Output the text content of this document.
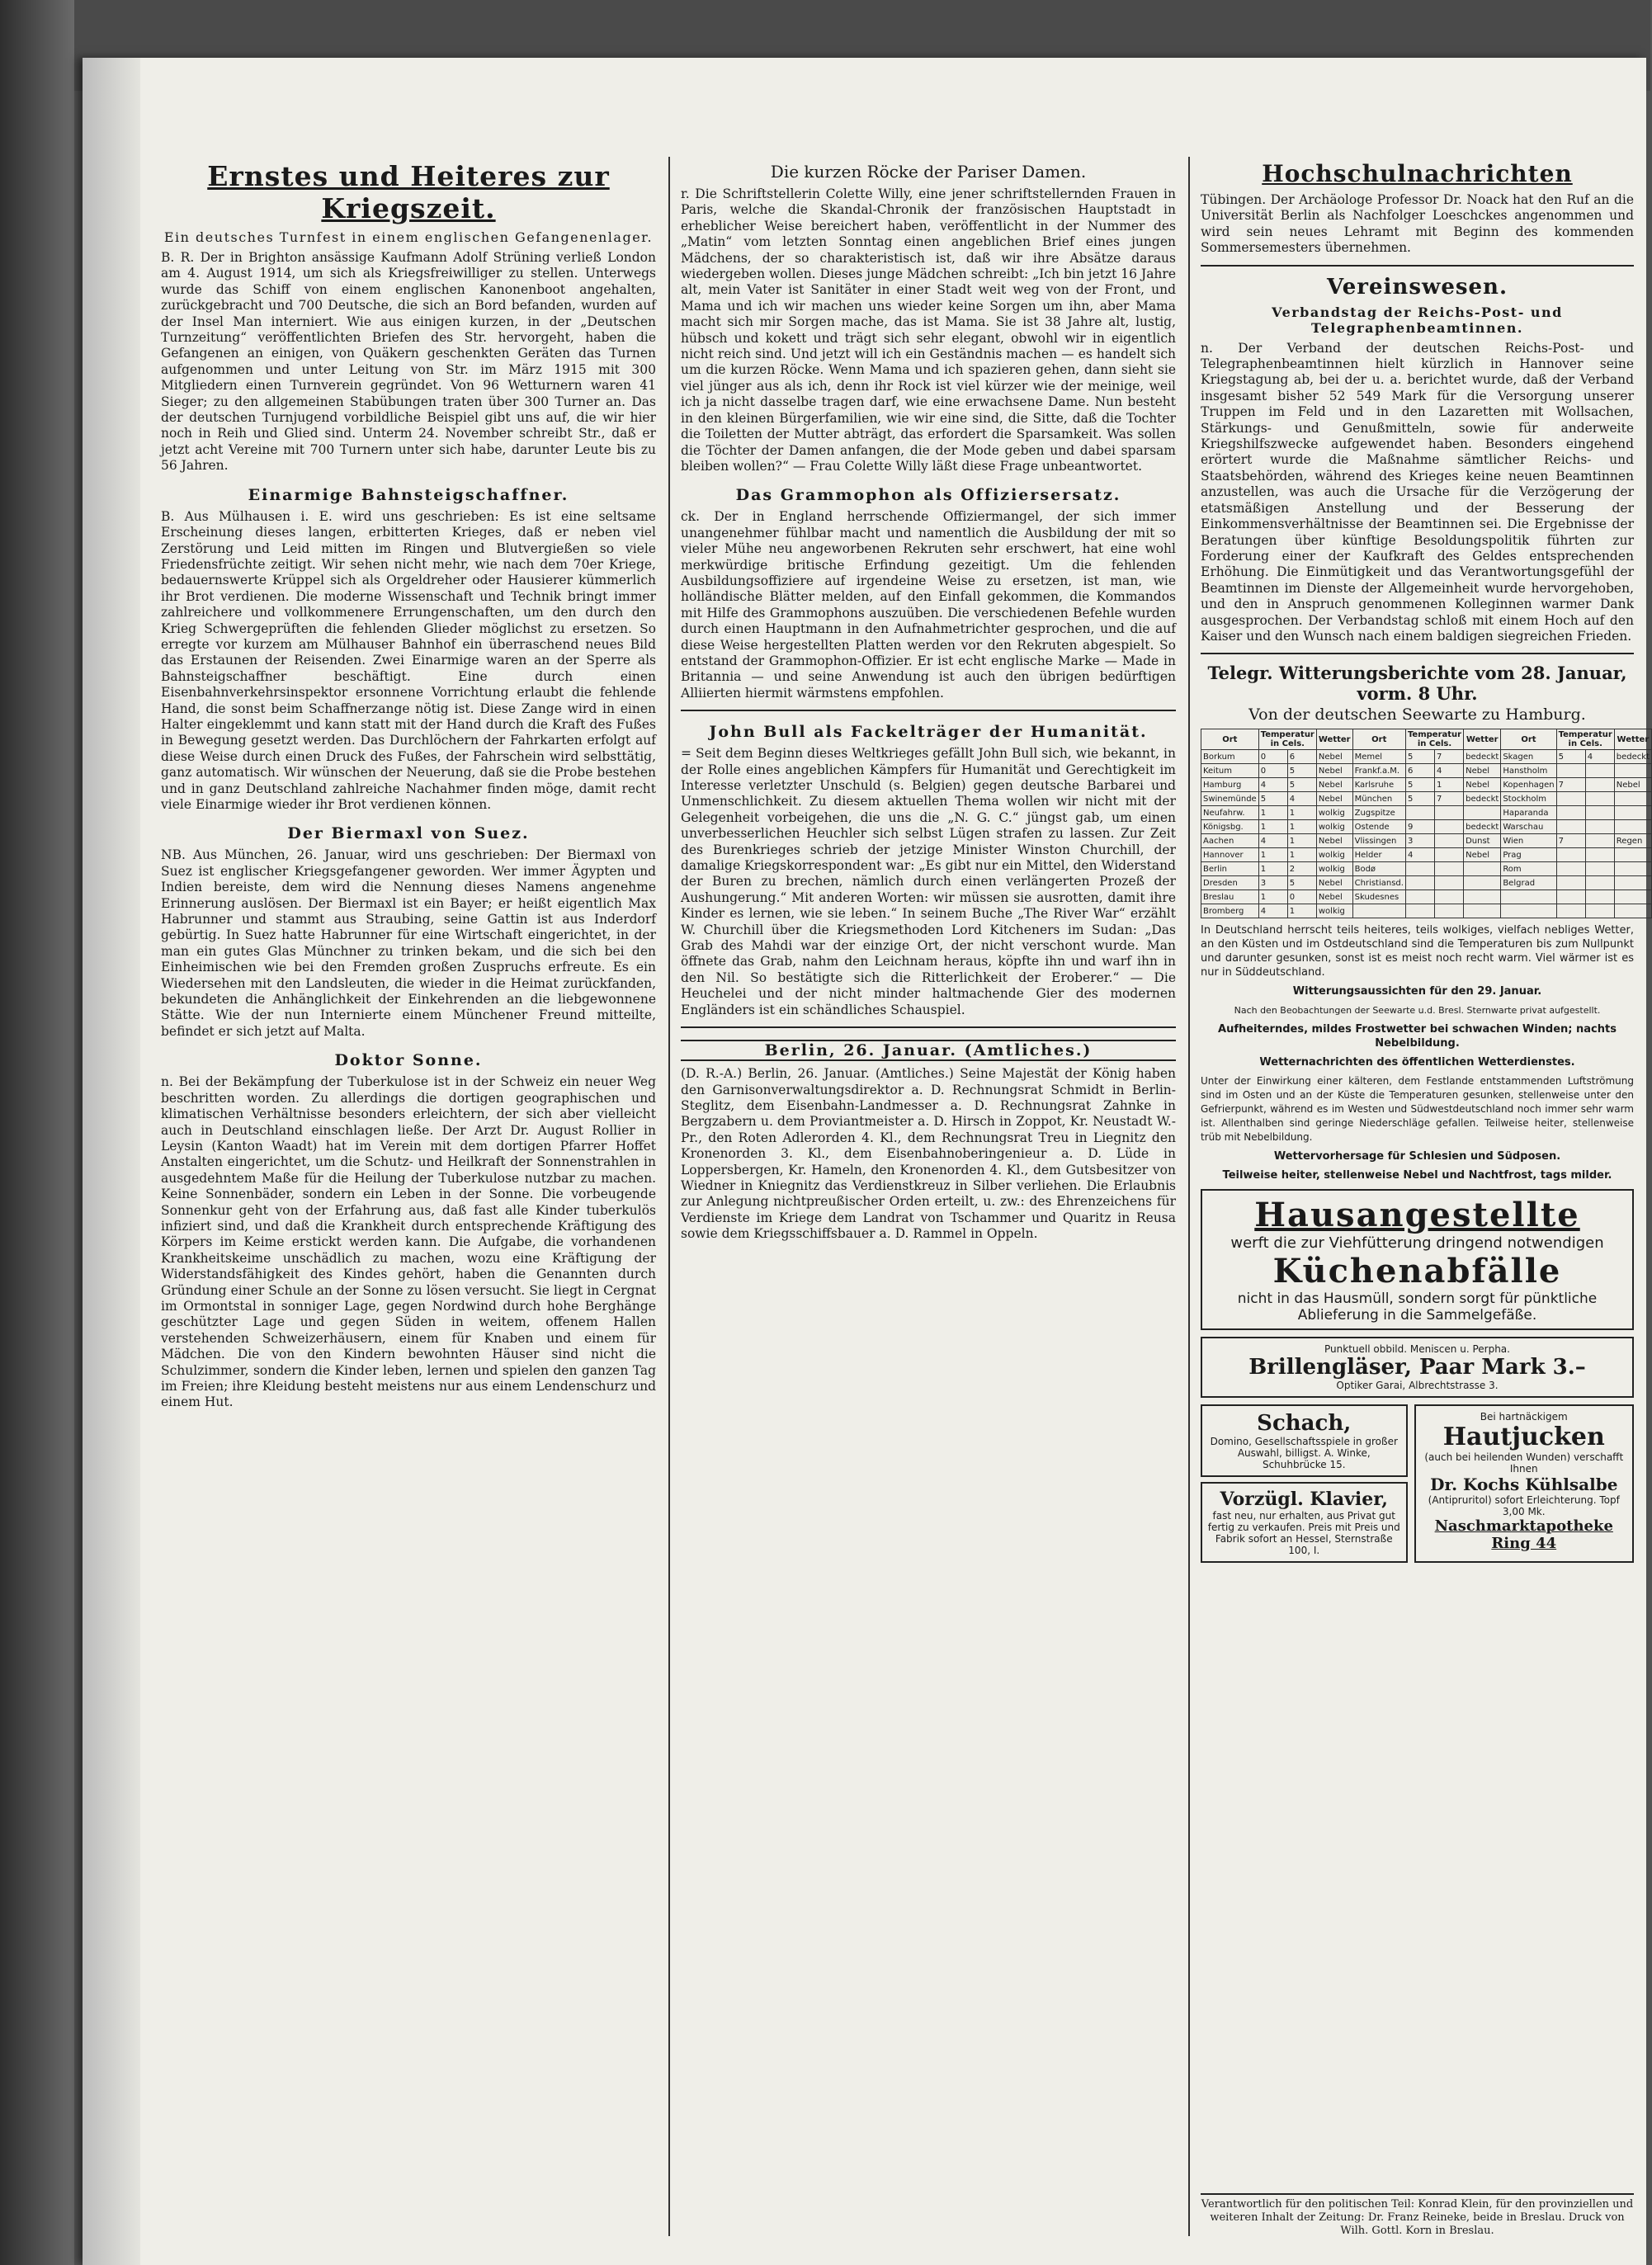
Ernstes und Heiteres zur Kriegszeit.
Ein deutsches Turnfest in einem englischen Gefangenenlager.

B. R. Der in Brighton ansässige Kaufmann Adolf Strüning verließ London am 4. August 1914, um sich als Kriegsfreiwilliger zu stellen. Unterwegs wurde das Schiff von einem englischen Kanonenboot angehalten, zurückgebracht und 700 Deutsche, die sich an Bord befanden, wurden auf der Insel Man interniert. Wie aus einigen kurzen, in der „Deutschen Turnzeitung“ veröffentlichten Briefen des Str. hervorgeht, haben die Gefangenen an einigen, von Quäkern geschenkten Geräten das Turnen aufgenommen und unter Leitung von Str. im März 1915 mit 300 Mitgliedern einen Turnverein gegründet. Von 96 Wetturnern waren 41 Sieger; zu den allgemeinen Stabübungen traten über 300 Turner an. Das der deutschen Turnjugend vorbildliche Beispiel gibt uns auf, die wir hier noch in Reih und Glied sind. Unterm 24. November schreibt Str., daß er jetzt acht Vereine mit 700 Turnern unter sich habe, darunter Leute bis zu 56 Jahren.

Einarmige Bahnsteigschaffner.

B. Aus Mülhausen i. E. wird uns geschrieben: Es ist eine seltsame Erscheinung dieses langen, erbitterten Krieges, daß er neben viel Zerstörung und Leid mitten im Ringen und Blutvergießen so viele Friedensfrüchte zeitigt. Wir sehen nicht mehr, wie nach dem 70er Kriege, bedauernswerte Krüppel sich als Orgeldreher oder Hausierer kümmerlich ihr Brot verdienen. Die moderne Wissenschaft und Technik bringt immer zahlreichere und vollkommenere Errungenschaften, um den durch den Krieg Schwergeprüften die fehlenden Glieder möglichst zu ersetzen. So erregte vor kurzem am Mülhauser Bahnhof ein überraschend neues Bild das Erstaunen der Reisenden. Zwei Einarmige waren an der Sperre als Bahnsteigschaffner beschäftigt. Eine durch einen Eisenbahnverkehrsinspektor ersonnene Vorrichtung erlaubt die fehlende Hand, die sonst beim Schaffnerzange nötig ist. Diese Zange wird in einen Halter eingeklemmt und kann statt mit der Hand durch die Kraft des Fußes in Bewegung gesetzt werden. Das Durchlöchern der Fahrkarten erfolgt auf diese Weise durch einen Druck des Fußes, der Fahrschein wird selbsttätig, ganz automatisch. Wir wünschen der Neuerung, daß sie die Probe bestehen und in ganz Deutschland zahlreiche Nachahmer finden möge, damit recht viele Einarmige wieder ihr Brot verdienen können.

Der Biermaxl von Suez.

NB. Aus München, 26. Januar, wird uns geschrieben: Der Biermaxl von Suez ist englischer Kriegsgefangener geworden. Wer immer Ägypten und Indien bereiste, dem wird die Nennung dieses Namens angenehme Erinnerung auslösen. Der Biermaxl ist ein Bayer; er heißt eigentlich Max Habrunner und stammt aus Straubing, seine Gattin ist aus Inderdorf gebürtig. In Suez hatte Habrunner für eine Wirtschaft eingerichtet, in der man ein gutes Glas Münchner zu trinken bekam, und die sich bei den Einheimischen wie bei den Fremden großen Zuspruchs erfreute. Es ein Wiedersehen mit den Landsleuten, die wieder in die Heimat zurückfanden, bekundeten die Anhänglichkeit der Einkehrenden an die liebgewonnene Stätte. Wie der nun Internierte einem Münchener Freund mitteilte, befindet er sich jetzt auf Malta.

Doktor Sonne.

n. Bei der Bekämpfung der Tuberkulose ist in der Schweiz ein neuer Weg beschritten worden. Zu allerdings die dortigen geographischen und klimatischen Verhältnisse besonders erleichtern, der sich aber vielleicht auch in Deutschland einschlagen ließe. Der Arzt Dr. August Rollier in Leysin (Kanton Waadt) hat im Verein mit dem dortigen Pfarrer Hoffet Anstalten eingerichtet, um die Schutz- und Heilkraft der Sonnenstrahlen in ausgedehntem Maße für die Heilung der Tuberkulose nutzbar zu machen. Keine Sonnenbäder, sondern ein Leben in der Sonne. Die vorbeugende Sonnenkur geht von der Erfahrung aus, daß fast alle Kinder tuberkulös infiziert sind, und daß die Krankheit durch entsprechende Kräftigung des Körpers im Keime erstickt werden kann. Die Aufgabe, die vorhandenen Krankheitskeime unschädlich zu machen, wozu eine Kräftigung der Widerstandsfähigkeit des Kindes gehört, haben die Genannten durch Gründung einer Schule an der Sonne zu lösen versucht. Sie liegt in Cergnat im Ormontstal in sonniger Lage, gegen Nordwind durch hohe Berghänge geschützter Lage und gegen Süden in weitem, offenem Hallen verstehenden Schweizerhäusern, einem für Knaben und einem für Mädchen. Die von den Kindern bewohnten Häuser sind nicht die Schulzimmer, sondern die Kinder leben, lernen und spielen den ganzen Tag im Freien; ihre Kleidung besteht meistens nur aus einem Lendenschurz und einem Hut.

Die kurzen Röcke der Pariser Damen.

r. Die Schriftstellerin Colette Willy, eine jener schriftstellernden Frauen in Paris, welche die Skandal-Chronik der französischen Hauptstadt in erheblicher Weise bereichert haben, veröffentlicht in der Nummer des „Matin“ vom letzten Sonntag einen angeblichen Brief eines jungen Mädchens, der so charakteristisch ist, daß wir ihre Absätze daraus wiedergeben wollen. Dieses junge Mädchen schreibt: „Ich bin jetzt 16 Jahre alt, mein Vater ist Sanitäter in einer Stadt weit weg von der Front, und Mama und ich wir machen uns wieder keine Sorgen um ihn, aber Mama macht sich mir Sorgen mache, das ist Mama. Sie ist 38 Jahre alt, lustig, hübsch und kokett und trägt sich sehr elegant, obwohl wir in eigentlich nicht reich sind. Und jetzt will ich ein Geständnis machen — es handelt sich um die kurzen Röcke. Wenn Mama und ich spazieren gehen, dann sieht sie viel jünger aus als ich, denn ihr Rock ist viel kürzer wie der meinige, weil ich ja nicht dasselbe tragen darf, wie eine erwachsene Dame. Nun besteht in den kleinen Bürgerfamilien, wie wir eine sind, die Sitte, daß die Tochter die Toiletten der Mutter abträgt, das erfordert die Sparsamkeit. Was sollen die Töchter der Damen anfangen, die der Mode geben und dabei sparsam bleiben wollen?“ — Frau Colette Willy läßt diese Frage unbeantwortet.

Das Grammophon als Offiziersersatz.

ck. Der in England herrschende Offiziermangel, der sich immer unangenehmer fühlbar macht und namentlich die Ausbildung der mit so vieler Mühe neu angeworbenen Rekruten sehr erschwert, hat eine wohl merkwürdige britische Erfindung gezeitigt. Um die fehlenden Ausbildungsoffiziere auf irgendeine Weise zu ersetzen, ist man, wie holländische Blätter melden, auf den Einfall gekommen, die Kommandos mit Hilfe des Grammophons auszuüben. Die verschiedenen Befehle wurden durch einen Hauptmann in den Aufnahmetrichter gesprochen, und die auf diese Weise hergestellten Platten werden vor den Rekruten abgespielt. So entstand der Grammophon-Offizier. Er ist echt englische Marke — Made in Britannia — und seine Anwendung ist auch den übrigen bedürftigen Alliierten hiermit wärmstens empfohlen.

John Bull als Fackelträger der Humanität.

= Seit dem Beginn dieses Weltkrieges gefällt John Bull sich, wie bekannt, in der Rolle eines angeblichen Kämpfers für Humanität und Gerechtigkeit im Interesse verletzter Unschuld (s. Belgien) gegen deutsche Barbarei und Unmenschlichkeit. Zu diesem aktuellen Thema wollen wir nicht mit der Gelegenheit vorbeigehen, die uns die „N. G. C.“ jüngst gab, um einen unverbesserlichen Heuchler sich selbst Lügen strafen zu lassen. Zur Zeit des Burenkrieges schrieb der jetzige Minister Winston Churchill, der damalige Kriegskorrespondent war: „Es gibt nur ein Mittel, den Widerstand der Buren zu brechen, nämlich durch einen verlängerten Prozeß der Aushungerung.“ Mit anderen Worten: wir müssen sie ausrotten, damit ihre Kinder es lernen, wie sie leben.“ In seinem Buche „The River War“ erzählt W. Churchill über die Kriegsmethoden Lord Kitcheners im Sudan: „Das Grab des Mahdi war der einzige Ort, der nicht verschont wurde. Man öffnete das Grab, nahm den Leichnam heraus, köpfte ihn und warf ihn in den Nil. So bestätigte sich die Ritterlichkeit der Eroberer.“ — Die Heuchelei und der nicht minder haltmachende Gier des modernen Engländers ist ein schändliches Schauspiel.

Berlin, 26. Januar. (Amtliches.)

(D. R.-A.) Berlin, 26. Januar. (Amtliches.) Seine Majestät der König haben den Garnisonverwaltungsdirektor a. D. Rechnungsrat Schmidt in Berlin-Steglitz, dem Eisenbahn-Landmesser a. D. Rechnungsrat Zahnke in Bergzabern u. dem Proviantmeister a. D. Hirsch in Zoppot, Kr. Neustadt W.-Pr., den Roten Adlerorden 4. Kl., dem Rechnungsrat Treu in Liegnitz den Kronenorden 3. Kl., dem Eisenbahnoberingenieur a. D. Lüde in Loppersbergen, Kr. Hameln, den Kronenorden 4. Kl., dem Gutsbesitzer von Wiedner in Kniegnitz das Verdienstkreuz in Silber verliehen. Die Erlaubnis zur Anlegung nichtpreußischer Orden erteilt, u. zw.: des Ehrenzeichens für Verdienste im Kriege dem Landrat von Tschammer und Quaritz in Reusa sowie dem Kriegsschiffsbauer a. D. Rammel in Oppeln.

Hochschulnachrichten

Tübingen. Der Archäologe Professor Dr. Noack hat den Ruf an die Universität Berlin als Nachfolger Loeschckes angenommen und wird sein neues Lehramt mit Beginn des kommenden Sommersemesters übernehmen.

Vereinswesen.
Verbandstag der Reichs-Post- und Telegraphenbeamtinnen.

n. Der Verband der deutschen Reichs-Post- und Telegraphenbeamtinnen hielt kürzlich in Hannover seine Kriegstagung ab, bei der u. a. berichtet wurde, daß der Verband insgesamt bisher 52 549 Mark für die Versorgung unserer Truppen im Feld und in den Lazaretten mit Wollsachen, Stärkungs- und Genußmitteln, sowie für anderweite Kriegshilfszwecke aufgewendet haben. Besonders eingehend erörtert wurde die Maßnahme sämtlicher Reichs- und Staatsbehörden, während des Krieges keine neuen Beamtinnen anzustellen, was auch die Ursache für die Verzögerung der etatsmäßigen Anstellung und der Besserung der Einkommensverhältnisse der Beamtinnen sei. Die Ergebnisse der Beratungen über künftige Besoldungspolitik führten zur Forderung einer der Kaufkraft des Geldes entsprechenden Erhöhung. Die Einmütigkeit und das Verantwortungsgefühl der Beamtinnen im Dienste der Allgemeinheit wurde hervorgehoben, und den in Anspruch genommenen Kolleginnen warmer Dank ausgesprochen. Der Verbandstag schloß mit einem Hoch auf den Kaiser und den Wunsch nach einem baldigen siegreichen Frieden.

Telegr. Witterungsberichte vom 28. Januar, vorm. 8 Uhr.
Von der deutschen Seewarte zu Hamburg.
Ort	Temperatur in Cels.		Wetter	Ort	Temperatur in Cels.		Wetter	Ort	Temperatur in Cels.		Wetter
Borkum	0	6	Nebel	Memel	5	7	bedeckt	Skagen	5	4	bedeckt
Keitum	0	5	Nebel	Frankf.a.M.	6	4	Nebel	Hanstholm			
Hamburg	4	5	Nebel	Karlsruhe	5	1	Nebel	Kopenhagen	7		Nebel
Swinemünde	5	4	Nebel	München	5	7	bedeckt	Stockholm			
Neufahrw.	1	1	wolkig	Zugspitze				Haparanda			
Königsbg.	1	1	wolkig	Ostende	9		bedeckt	Warschau			
Aachen	4	1	Nebel	Vlissingen	3		Dunst	Wien	7		Regen
Hannover	1	1	wolkig	Helder	4		Nebel	Prag			
Berlin	1	2	wolkig	Bodø				Rom			
Dresden	3	5	Nebel	Christiansd.				Belgrad			
Breslau	1	0	Nebel	Skudesnes							
Bromberg	4	1	wolkig								

In Deutschland herrscht teils heiteres, teils wolkiges, vielfach nebliges Wetter, an den Küsten und im Ostdeutschland sind die Temperaturen bis zum Nullpunkt und darunter gesunken, sonst ist es meist noch recht warm. Viel wärmer ist es nur in Süddeutschland.

Witterungsaussichten für den 29. Januar.
Nach den Beobachtungen der Seewarte u.d. Bresl. Sternwarte privat aufgestellt.
Aufheiterndes, mildes Frostwetter bei schwachen Winden; nachts Nebelbildung.
Wetternachrichten des öffentlichen Wetterdienstes.

Unter der Einwirkung einer kälteren, dem Festlande entstammenden Luftströmung sind im Osten und an der Küste die Temperaturen gesunken, stellenweise unter den Gefrierpunkt, während es im Westen und Südwestdeutschland noch immer sehr warm ist. Allenthalben sind geringe Niederschläge gefallen. Teilweise heiter, stellenweise trüb mit Nebelbildung.

Wettervorhersage für Schlesien und Südposen.
Teilweise heiter, stellenweise Nebel und Nachtfrost, tags milder.
Hausangestellte
werft die zur Viehfütterung dringend notwendigen
Küchenabfälle
nicht in das Hausmüll, sondern sorgt für pünktliche Ablieferung in die Sammelgefäße.
Punktuell obbild. Meniscen u. Perpha.
Brillengläser, Paar Mark 3.–
Optiker Garai, Albrechtstrasse 3.
Schach,
Domino, Gesellschaftsspiele in großer Auswahl, billigst. A. Winke, Schuhbrücke 15.
Vorzügl. Klavier,
fast neu, nur erhalten, aus Privat gut fertig zu verkaufen. Preis mit Preis und Fabrik sofort an Hessel, Sternstraße 100, I.
Bei hartnäckigem
Hautjucken
(auch bei heilenden Wunden) verschafft Ihnen
Dr. Kochs Kühlsalbe
(Antipruritol) sofort Erleichterung. Topf 3,00 Mk.
Naschmarktapotheke Ring 44
Verantwortlich für den politischen Teil: Konrad Klein, für den provinziellen und weiteren Inhalt der Zeitung: Dr. Franz Reineke, beide in Breslau. Druck von Wilh. Gottl. Korn in Breslau.
